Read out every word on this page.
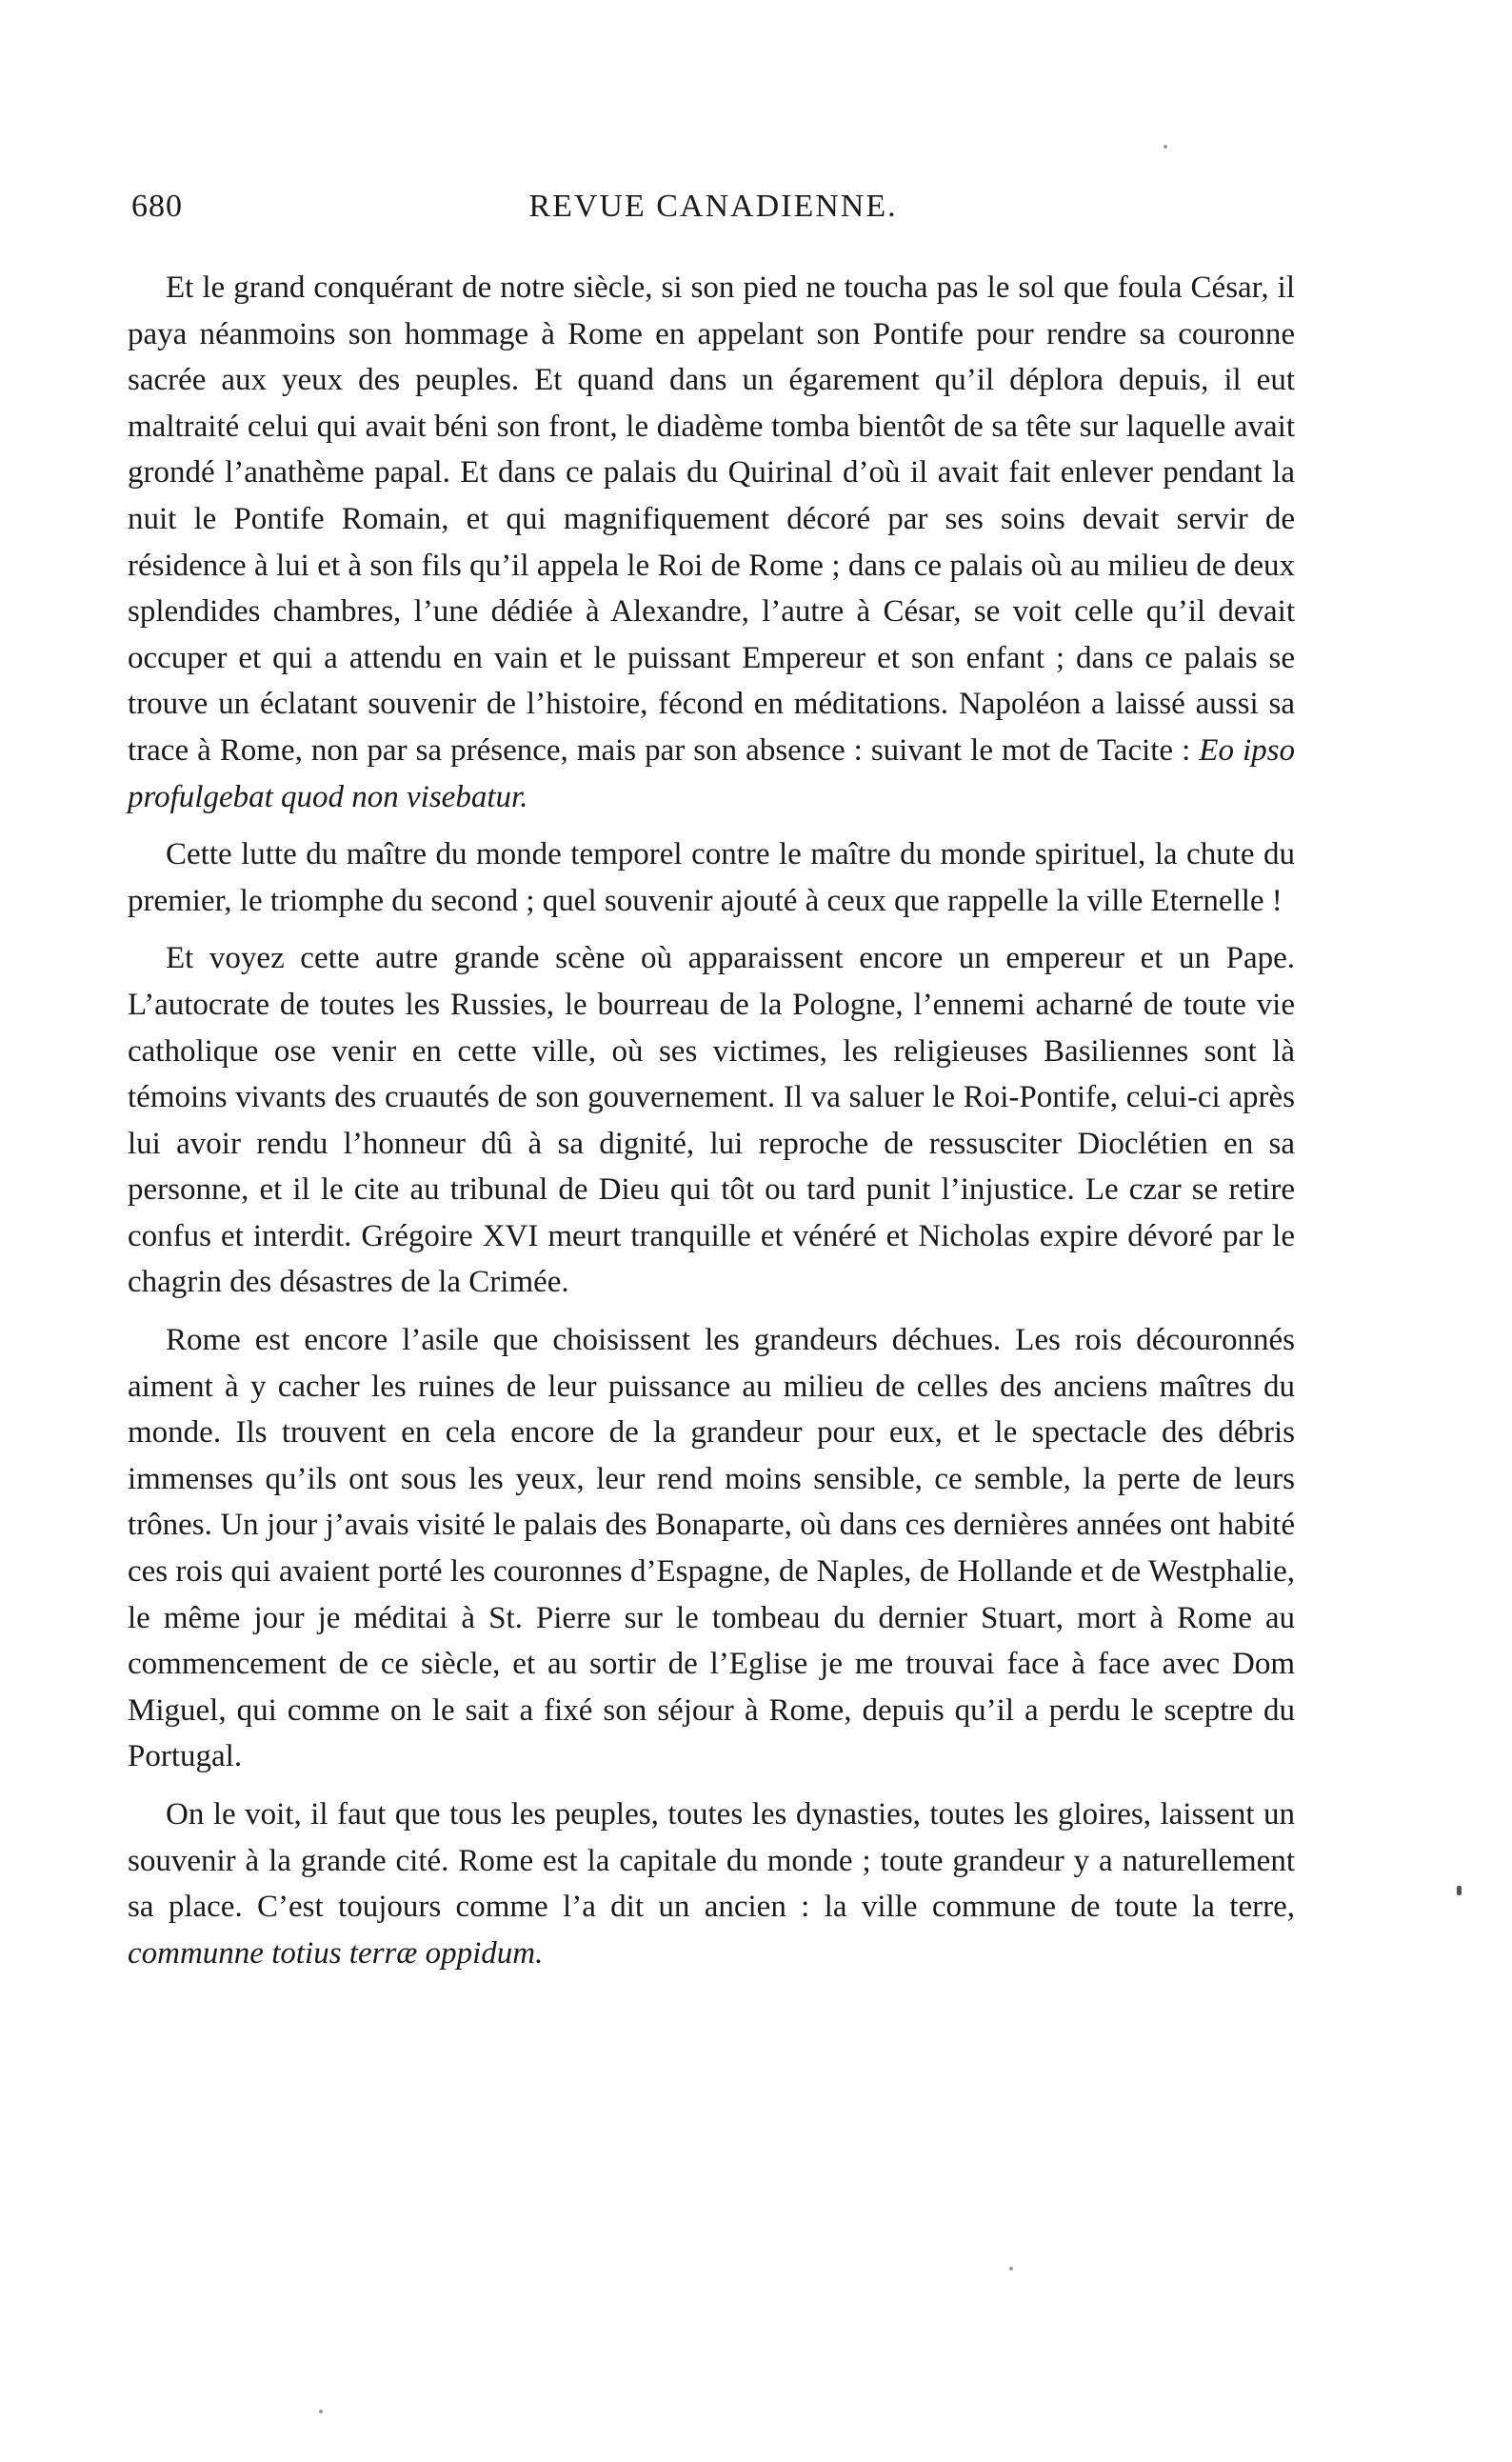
680	REVUE CANADIENNE.

Et le grand conquérant de notre siècle, si son pied ne toucha pas le sol que foula César, il paya néanmoins son hommage à Rome en appelant son Pontife pour rendre sa couronne sacrée aux yeux des peuples. Et quand dans un égarement qu’il déplora depuis, il eut maltraité celui qui avait béni son front, le diadème tomba bientôt de sa tête sur laquelle avait grondé l’anathème papal. Et dans ce palais du Quirinal d’où il avait fait enlever pendant la nuit le Pontife Romain, et qui magnifiquement décoré par ses soins devait servir de résidence à lui et à son fils qu’il appela le Roi de Rome ; dans ce palais où au milieu de deux splendides chambres, l’une dédiée à Alexandre, l’autre à César, se voit celle qu’il devait occuper et qui a attendu en vain et le puissant Empereur et son enfant ; dans ce palais se trouve un éclatant souvenir de l’histoire, fécond en méditations. Napoléon a laissé aussi sa trace à Rome, non par sa présence, mais par son absence : suivant le mot de Tacite : Eo ipso profulgebat quod non visebatur.

Cette lutte du maître du monde temporel contre le maître du monde spirituel, la chute du premier, le triomphe du second ; quel souvenir ajouté à ceux que rappelle la ville Eternelle !

Et voyez cette autre grande scène où apparaissent encore un empereur et un Pape. L’autocrate de toutes les Russies, le bourreau de la Pologne, l’ennemi acharné de toute vie catholique ose venir en cette ville, où ses victimes, les religieuses Basiliennes sont là témoins vivants des cruautés de son gouvernement. Il va saluer le Roi-Pontife, celui-ci après lui avoir rendu l’honneur dû à sa dignité, lui reproche de ressusciter Dioclétien en sa personne, et il le cite au tribunal de Dieu qui tôt ou tard punit l’injustice. Le czar se retire confus et interdit. Grégoire XVI meurt tranquille et vénéré et Nicholas expire dévoré par le chagrin des désastres de la Crimée.

Rome est encore l’asile que choisissent les grandeurs déchues. Les rois découronnés aiment à y cacher les ruines de leur puissance au milieu de celles des anciens maîtres du monde. Ils trouvent en cela encore de la grandeur pour eux, et le spectacle des débris immenses qu’ils ont sous les yeux, leur rend moins sensible, ce semble, la perte de leurs trônes. Un jour j’avais visité le palais des Bonaparte, où dans ces dernières années ont habité ces rois qui avaient porté les couronnes d’Espagne, de Naples, de Hollande et de Westphalie, le même jour je méditai à St. Pierre sur le tombeau du dernier Stuart, mort à Rome au commencement de ce siècle, et au sortir de l’Eglise je me trouvai face à face avec Dom Miguel, qui comme on le sait a fixé son séjour à Rome, depuis qu’il a perdu le sceptre du Portugal.

On le voit, il faut que tous les peuples, toutes les dynasties, toutes les gloires, laissent un souvenir à la grande cité. Rome est la capitale du monde ; toute grandeur y a naturellement sa place. C’est toujours comme l’a dit un ancien : la ville commune de toute la terre, communne totius terræ oppidum.
